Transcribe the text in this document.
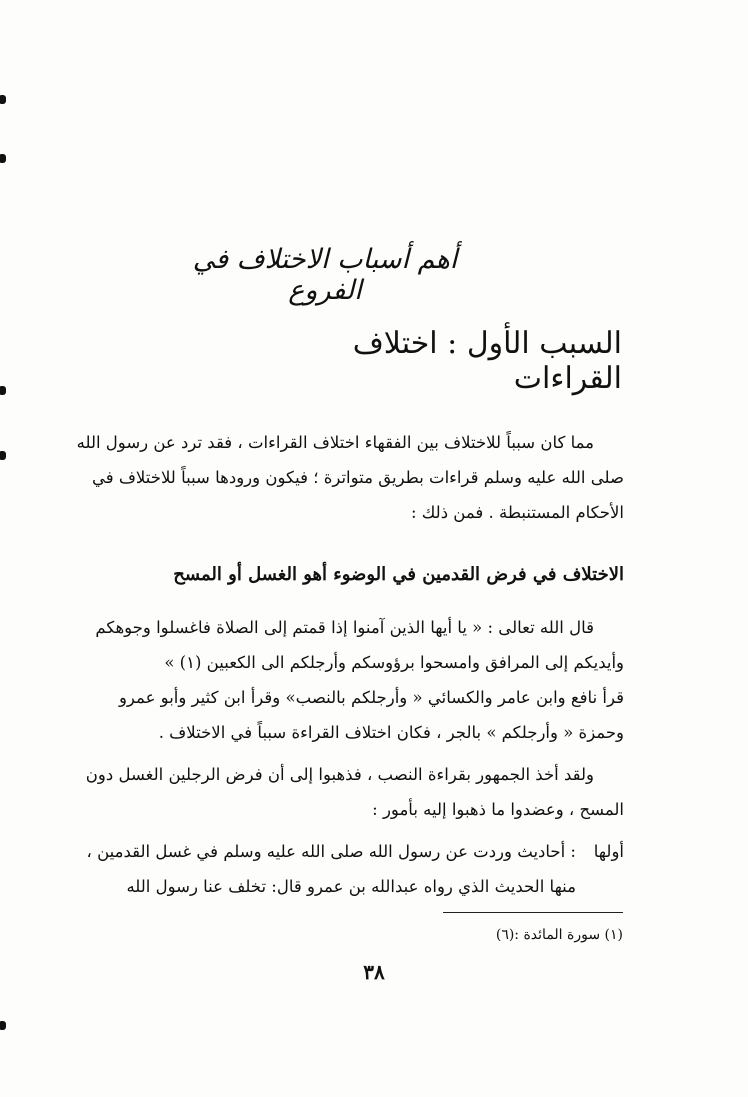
أهم أسباب الاختلاف في الفروع
السبب الأول : اختلاف القراءات
مما كان سبباً للاختلاف بين الفقهاء اختلاف القراءات ، فقد ترد عن رسول الله
صلى الله عليه وسلم قراءات بطريق متواترة ؛ فيكون ورودها سبباً للاختلاف في
الأحكام المستنبطة . فمن ذلك :
الاختلاف في فرض القدمين في الوضوء أهو الغسل أو المسح
قال الله تعالى : « يا أيها الذين آمنوا إذا قمتم إلى الصلاة فاغسلوا وجوهكم
وأيديكم إلى المرافق وامسحوا برؤوسكم وأرجلكم الى الكعبين (١) »
قرأ نافع وابن عامر والكسائي « وأرجلكم بالنصب» وقرأ ابن كثير وأبو عمرو
وحمزة « وأرجلكم » بالجر ، فكان اختلاف القراءة سبباً في الاختلاف .
ولقد أخذ الجمهور بقراءة النصب ، فذهبوا إلى أن فرض الرجلين الغسل دون
المسح ، وعضدوا ما ذهبوا إليه بأمور :
أولها
: أحاديث وردت عن رسول الله صلى الله عليه وسلم في غسل القدمين ،
منها الحديث الذي رواه عبدالله بن عمرو قال: تخلف عنا رسول الله
(١) سورة المائدة :(٦)
٣٨
